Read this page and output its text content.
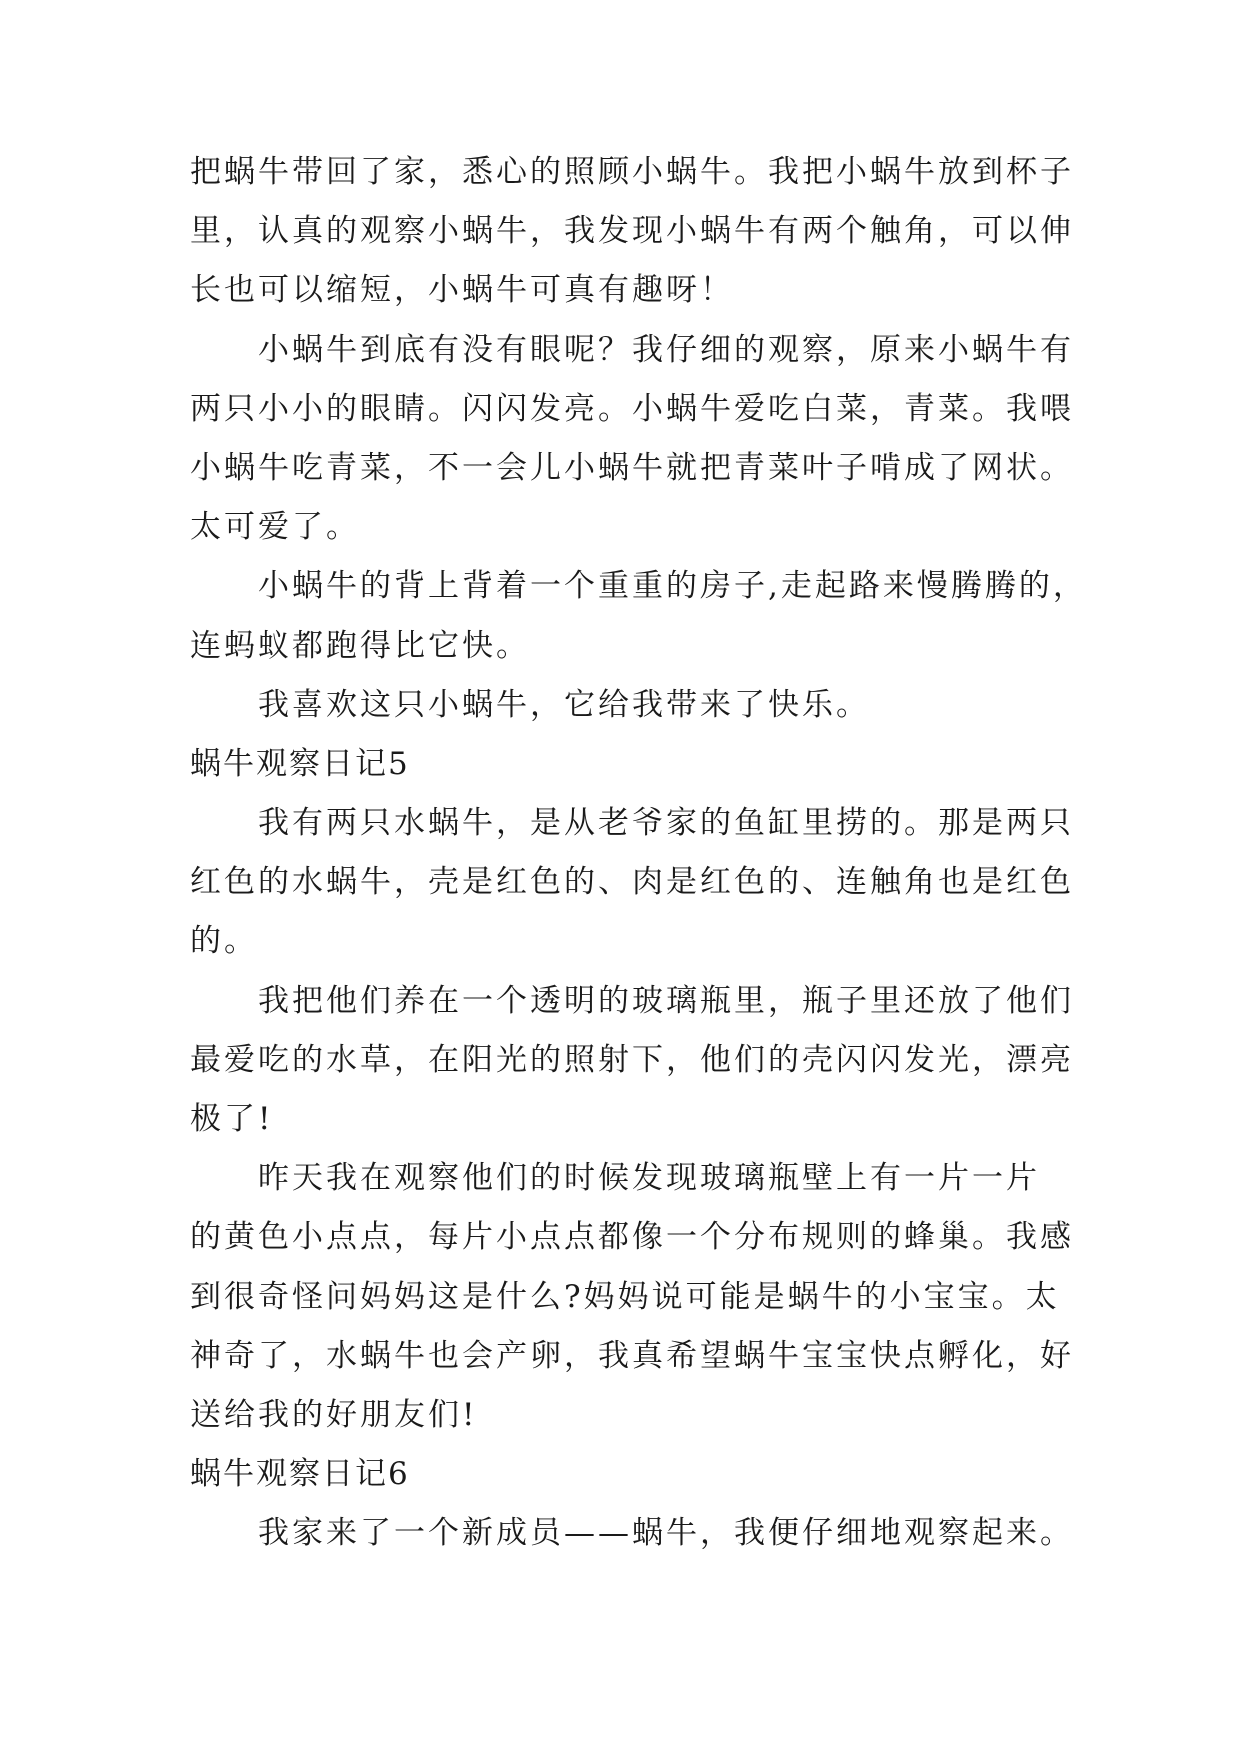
把蜗牛带回了家，悉心的照顾小蜗牛。我把小蜗牛放到杯子
里，认真的观察小蜗牛，我发现小蜗牛有两个触角，可以伸
长也可以缩短，小蜗牛可真有趣呀！
小蜗牛到底有没有眼呢？我仔细的观察，原来小蜗牛有
两只小小的眼睛。闪闪发亮。小蜗牛爱吃白菜，青菜。我喂
小蜗牛吃青菜，不一会儿小蜗牛就把青菜叶子啃成了网状。
太可爱了。
小蜗牛的背上背着一个重重的房子,走起路来慢腾腾的，
连蚂蚁都跑得比它快。
我喜欢这只小蜗牛，它给我带来了快乐。
蜗牛观察日记5
我有两只水蜗牛，是从老爷家的鱼缸里捞的。那是两只
红色的水蜗牛，壳是红色的、肉是红色的、连触角也是红色
的。
我把他们养在一个透明的玻璃瓶里，瓶子里还放了他们
最爱吃的水草，在阳光的照射下，他们的壳闪闪发光，漂亮
极了!
昨天我在观察他们的时候发现玻璃瓶壁上有一片一片
的黄色小点点，每片小点点都像一个分布规则的蜂巢。我感
到很奇怪问妈妈这是什么?妈妈说可能是蜗牛的小宝宝。太
神奇了，水蜗牛也会产卵，我真希望蜗牛宝宝快点孵化，好
送给我的好朋友们!
蜗牛观察日记6
我家来了一个新成员——蜗牛，我便仔细地观察起来。
